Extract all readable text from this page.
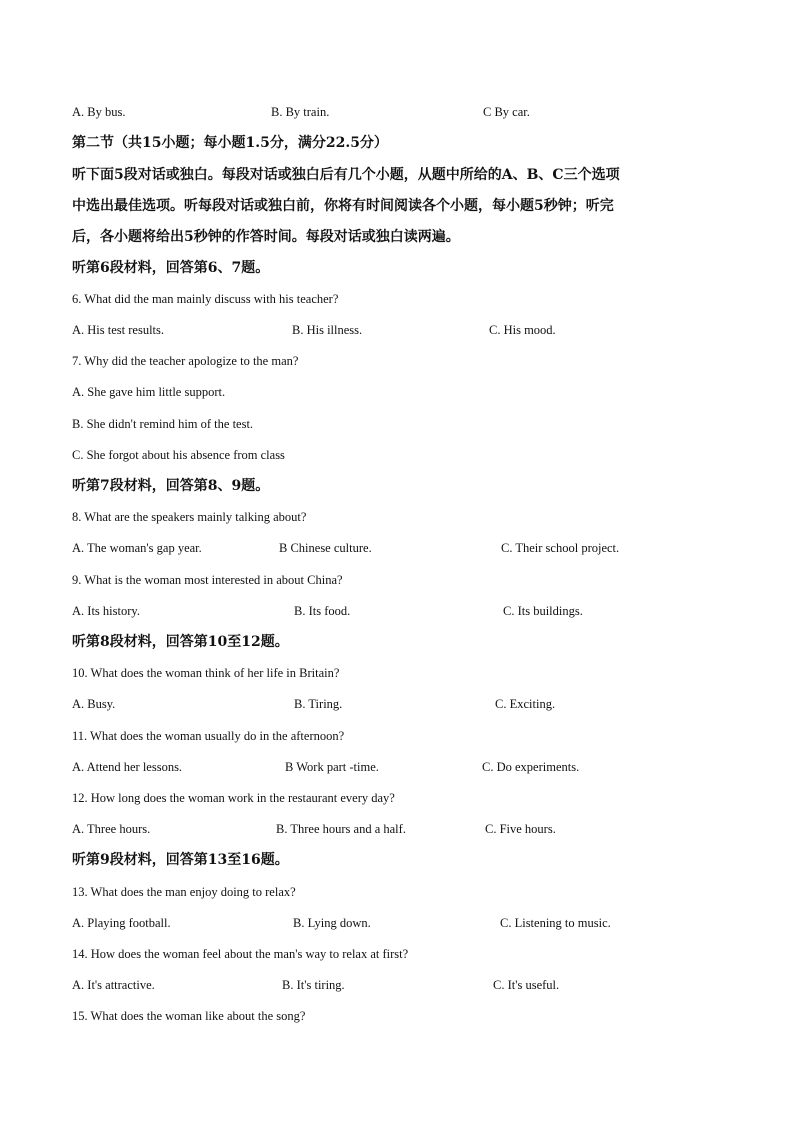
A. By bus.	B. By train.	C By car.
第二节（共15小题；每小题1.5分，满分22.5分）
听下面5段对话或独白。每段对话或独白后有几个小题，从题中所给的A、B、C三个选项
中选出最佳选项。听每段对话或独白前，你将有时间阅读各个小题，每小题5秒钟；听完
后，各小题将给出5秒钟的作答时间。每段对话或独白读两遍。
听第6段材料，回答第6、7题。
6. What did the man mainly discuss with his teacher?
A. His test results.	B. His illness.	C. His mood.
7. Why did the teacher apologize to the man?
A. She gave him little support.
B. She didn't remind him of the test.
C. She forgot about his absence from class
听第7段材料，回答第8、9题。
8. What are the speakers mainly talking about?
A. The woman's gap year.	B Chinese culture.	C. Their school project.
9. What is the woman most interested in about China?
A. Its history.	B. Its food.	C. Its buildings.
听第8段材料，回答第10至12题。
10. What does the woman think of her life in Britain?
A. Busy.	B. Tiring.	C. Exciting.
11. What does the woman usually do in the afternoon?
A. Attend her lessons.	B Work part -time.	C. Do experiments.
12. How long does the woman work in the restaurant every day?
A. Three hours.	B. Three hours and a half.	C. Five hours.
听第9段材料，回答第13至16题。
13. What does the man enjoy doing to relax?
A. Playing football.	B. Lying down.	C. Listening to music.
14. How does the woman feel about the man's way to relax at first?
A. It's attractive.	B. It's tiring.	C. It's useful.
15. What does the woman like about the song?
